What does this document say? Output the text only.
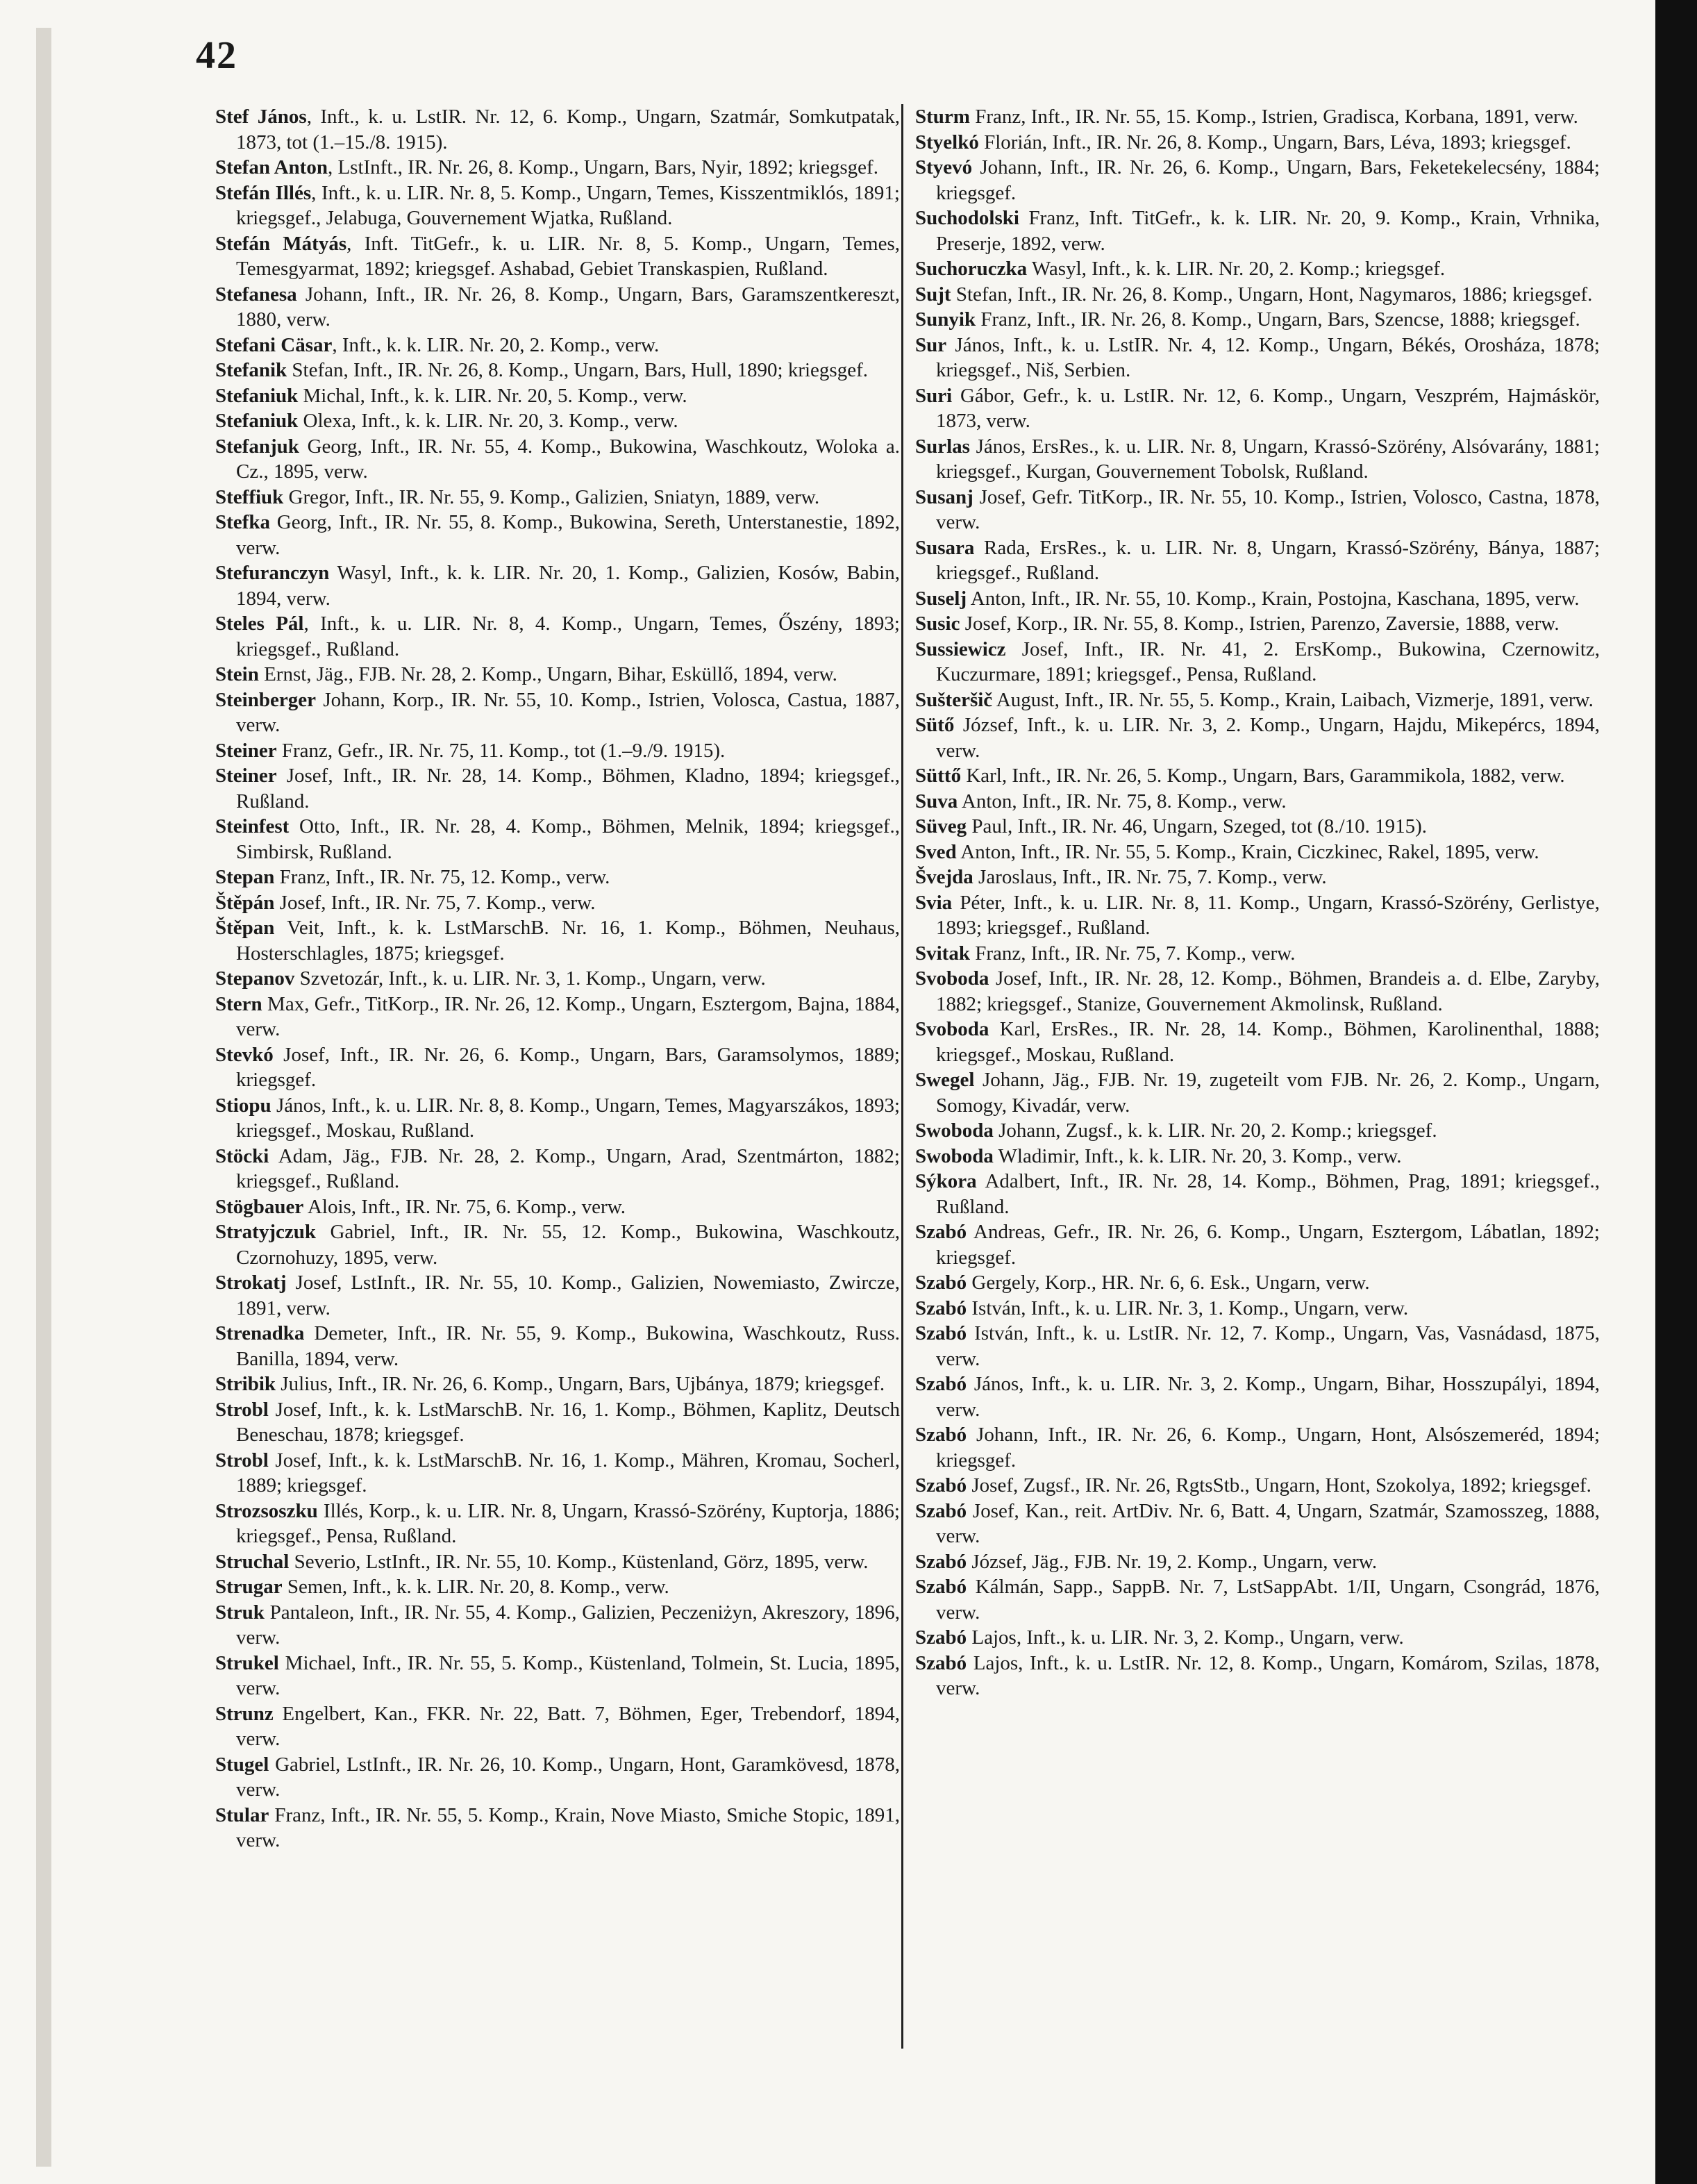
42

Stef János, Inft., k. u. LstIR. Nr. 12, 6. Komp., Ungarn, Szatmár, Somkutpatak, 1873, tot (1.–15./8. 1915).

Stefan Anton, LstInft., IR. Nr. 26, 8. Komp., Ungarn, Bars, Nyir, 1892; kriegsgef.

Stefán Illés, Inft., k. u. LIR. Nr. 8, 5. Komp., Ungarn, Temes, Kisszentmiklós, 1891; kriegsgef., Jelabuga, Gouvernement Wjatka, Rußland.

Stefán Mátyás, Inft. TitGefr., k. u. LIR. Nr. 8, 5. Komp., Ungarn, Temes, Temesgyarmat, 1892; kriegsgef. Ashabad, Gebiet Transkaspien, Rußland.

Stefanesa Johann, Inft., IR. Nr. 26, 8. Komp., Ungarn, Bars, Garamszentkereszt, 1880, verw.

Stefani Cäsar, Inft., k. k. LIR. Nr. 20, 2. Komp., verw.

Stefanik Stefan, Inft., IR. Nr. 26, 8. Komp., Ungarn, Bars, Hull, 1890; kriegsgef.

Stefaniuk Michal, Inft., k. k. LIR. Nr. 20, 5. Komp., verw.

Stefaniuk Olexa, Inft., k. k. LIR. Nr. 20, 3. Komp., verw.

Stefanjuk Georg, Inft., IR. Nr. 55, 4. Komp., Bukowina, Waschkoutz, Woloka a. Cz., 1895, verw.

Steffiuk Gregor, Inft., IR. Nr. 55, 9. Komp., Galizien, Sniatyn, 1889, verw.

Stefka Georg, Inft., IR. Nr. 55, 8. Komp., Bukowina, Sereth, Unterstanestie, 1892, verw.

Stefuranczyn Wasyl, Inft., k. k. LIR. Nr. 20, 1. Komp., Galizien, Kosów, Babin, 1894, verw.

Steles Pál, Inft., k. u. LIR. Nr. 8, 4. Komp., Ungarn, Temes, Őszény, 1893; kriegsgef., Rußland.

Stein Ernst, Jäg., FJB. Nr. 28, 2. Komp., Ungarn, Bihar, Esküllő, 1894, verw.

Steinberger Johann, Korp., IR. Nr. 55, 10. Komp., Istrien, Volosca, Castua, 1887, verw.

Steiner Franz, Gefr., IR. Nr. 75, 11. Komp., tot (1.–9./9. 1915).

Steiner Josef, Inft., IR. Nr. 28, 14. Komp., Böhmen, Kladno, 1894; kriegsgef., Rußland.

Steinfest Otto, Inft., IR. Nr. 28, 4. Komp., Böhmen, Melnik, 1894; kriegsgef., Simbirsk, Rußland.

Stepan Franz, Inft., IR. Nr. 75, 12. Komp., verw.

Štěpán Josef, Inft., IR. Nr. 75, 7. Komp., verw.

Štěpan Veit, Inft., k. k. LstMarschB. Nr. 16, 1. Komp., Böhmen, Neuhaus, Hosterschlagles, 1875; kriegsgef.

Stepanov Szvetozár, Inft., k. u. LIR. Nr. 3, 1. Komp., Ungarn, verw.

Stern Max, Gefr., TitKorp., IR. Nr. 26, 12. Komp., Ungarn, Esztergom, Bajna, 1884, verw.

Stevkó Josef, Inft., IR. Nr. 26, 6. Komp., Ungarn, Bars, Garamsolymos, 1889; kriegsgef.

Stiopu János, Inft., k. u. LIR. Nr. 8, 8. Komp., Ungarn, Temes, Magyarszákos, 1893; kriegsgef., Moskau, Rußland.

Stöcki Adam, Jäg., FJB. Nr. 28, 2. Komp., Ungarn, Arad, Szentmárton, 1882; kriegsgef., Rußland.

Stögbauer Alois, Inft., IR. Nr. 75, 6. Komp., verw.

Stratyjczuk Gabriel, Inft., IR. Nr. 55, 12. Komp., Bukowina, Waschkoutz, Czornohuzy, 1895, verw.

Strokatj Josef, LstInft., IR. Nr. 55, 10. Komp., Galizien, Nowemiasto, Zwircze, 1891, verw.

Strenadka Demeter, Inft., IR. Nr. 55, 9. Komp., Bukowina, Waschkoutz, Russ. Banilla, 1894, verw.

Stribik Julius, Inft., IR. Nr. 26, 6. Komp., Ungarn, Bars, Ujbánya, 1879; kriegsgef.

Strobl Josef, Inft., k. k. LstMarschB. Nr. 16, 1. Komp., Böhmen, Kaplitz, Deutsch Beneschau, 1878; kriegsgef.

Strobl Josef, Inft., k. k. LstMarschB. Nr. 16, 1. Komp., Mähren, Kromau, Socherl, 1889; kriegsgef.

Strozsoszku Illés, Korp., k. u. LIR. Nr. 8, Ungarn, Krassó-Szörény, Kuptorja, 1886; kriegsgef., Pensa, Rußland.

Struchal Severio, LstInft., IR. Nr. 55, 10. Komp., Küstenland, Görz, 1895, verw.

Strugar Semen, Inft., k. k. LIR. Nr. 20, 8. Komp., verw.

Struk Pantaleon, Inft., IR. Nr. 55, 4. Komp., Galizien, Peczeniżyn, Akreszory, 1896, verw.

Strukel Michael, Inft., IR. Nr. 55, 5. Komp., Küstenland, Tolmein, St. Lucia, 1895, verw.

Strunz Engelbert, Kan., FKR. Nr. 22, Batt. 7, Böhmen, Eger, Trebendorf, 1894, verw.

Stugel Gabriel, LstInft., IR. Nr. 26, 10. Komp., Ungarn, Hont, Garamkövesd, 1878, verw.

Stular Franz, Inft., IR. Nr. 55, 5. Komp., Krain, Nove Miasto, Smiche Stopic, 1891, verw.

Sturm Franz, Inft., IR. Nr. 55, 15. Komp., Istrien, Gradisca, Korbana, 1891, verw.

Styelkó Florián, Inft., IR. Nr. 26, 8. Komp., Ungarn, Bars, Léva, 1893; kriegsgef.

Styevó Johann, Inft., IR. Nr. 26, 6. Komp., Ungarn, Bars, Feketekelecsény, 1884; kriegsgef.

Suchodolski Franz, Inft. TitGefr., k. k. LIR. Nr. 20, 9. Komp., Krain, Vrhnika, Preserje, 1892, verw.

Suchoruczka Wasyl, Inft., k. k. LIR. Nr. 20, 2. Komp.; kriegsgef.

Sujt Stefan, Inft., IR. Nr. 26, 8. Komp., Ungarn, Hont, Nagymaros, 1886; kriegsgef.

Sunyik Franz, Inft., IR. Nr. 26, 8. Komp., Ungarn, Bars, Szencse, 1888; kriegsgef.

Sur János, Inft., k. u. LstIR. Nr. 4, 12. Komp., Ungarn, Békés, Orosháza, 1878; kriegsgef., Niš, Serbien.

Suri Gábor, Gefr., k. u. LstIR. Nr. 12, 6. Komp., Ungarn, Veszprém, Hajmáskör, 1873, verw.

Surlas János, ErsRes., k. u. LIR. Nr. 8, Ungarn, Krassó-Szörény, Alsóvarány, 1881; kriegsgef., Kurgan, Gouvernement Tobolsk, Rußland.

Susanj Josef, Gefr. TitKorp., IR. Nr. 55, 10. Komp., Istrien, Volosco, Castna, 1878, verw.

Susara Rada, ErsRes., k. u. LIR. Nr. 8, Ungarn, Krassó-Szörény, Bánya, 1887; kriegsgef., Rußland.

Suselj Anton, Inft., IR. Nr. 55, 10. Komp., Krain, Postojna, Kaschana, 1895, verw.

Susic Josef, Korp., IR. Nr. 55, 8. Komp., Istrien, Parenzo, Zaversie, 1888, verw.

Sussiewicz Josef, Inft., IR. Nr. 41, 2. ErsKomp., Bukowina, Czernowitz, Kuczurmare, 1891; kriegsgef., Pensa, Rußland.

Sušteršič August, Inft., IR. Nr. 55, 5. Komp., Krain, Laibach, Vizmerje, 1891, verw.

Sütő József, Inft., k. u. LIR. Nr. 3, 2. Komp., Ungarn, Hajdu, Mikepércs, 1894, verw.

Süttő Karl, Inft., IR. Nr. 26, 5. Komp., Ungarn, Bars, Garammikola, 1882, verw.

Suva Anton, Inft., IR. Nr. 75, 8. Komp., verw.

Süveg Paul, Inft., IR. Nr. 46, Ungarn, Szeged, tot (8./10. 1915).

Sved Anton, Inft., IR. Nr. 55, 5. Komp., Krain, Ciczkinec, Rakel, 1895, verw.

Švejda Jaroslaus, Inft., IR. Nr. 75, 7. Komp., verw.

Svia Péter, Inft., k. u. LIR. Nr. 8, 11. Komp., Ungarn, Krassó-Szörény, Gerlistye, 1893; kriegsgef., Rußland.

Svitak Franz, Inft., IR. Nr. 75, 7. Komp., verw.

Svoboda Josef, Inft., IR. Nr. 28, 12. Komp., Böhmen, Brandeis a. d. Elbe, Zaryby, 1882; kriegsgef., Stanize, Gouvernement Akmolinsk, Rußland.

Svoboda Karl, ErsRes., IR. Nr. 28, 14. Komp., Böhmen, Karolinenthal, 1888; kriegsgef., Moskau, Rußland.

Swegel Johann, Jäg., FJB. Nr. 19, zugeteilt vom FJB. Nr. 26, 2. Komp., Ungarn, Somogy, Kivadár, verw.

Swoboda Johann, Zugsf., k. k. LIR. Nr. 20, 2. Komp.; kriegsgef.

Swoboda Wladimir, Inft., k. k. LIR. Nr. 20, 3. Komp., verw.

Sýkora Adalbert, Inft., IR. Nr. 28, 14. Komp., Böhmen, Prag, 1891; kriegsgef., Rußland.

Szabó Andreas, Gefr., IR. Nr. 26, 6. Komp., Ungarn, Esztergom, Lábatlan, 1892; kriegsgef.

Szabó Gergely, Korp., HR. Nr. 6, 6. Esk., Ungarn, verw.

Szabó István, Inft., k. u. LIR. Nr. 3, 1. Komp., Ungarn, verw.

Szabó István, Inft., k. u. LstIR. Nr. 12, 7. Komp., Ungarn, Vas, Vasnádasd, 1875, verw.

Szabó János, Inft., k. u. LIR. Nr. 3, 2. Komp., Ungarn, Bihar, Hosszupályi, 1894, verw.

Szabó Johann, Inft., IR. Nr. 26, 6. Komp., Ungarn, Hont, Alsószemeréd, 1894; kriegsgef.

Szabó Josef, Zugsf., IR. Nr. 26, RgtsStb., Ungarn, Hont, Szokolya, 1892; kriegsgef.

Szabó Josef, Kan., reit. ArtDiv. Nr. 6, Batt. 4, Ungarn, Szatmár, Szamosszeg, 1888, verw.

Szabó József, Jäg., FJB. Nr. 19, 2. Komp., Ungarn, verw.

Szabó Kálmán, Sapp., SappB. Nr. 7, LstSappAbt. 1/II, Ungarn, Csongrád, 1876, verw.

Szabó Lajos, Inft., k. u. LIR. Nr. 3, 2. Komp., Ungarn, verw.

Szabó Lajos, Inft., k. u. LstIR. Nr. 12, 8. Komp., Ungarn, Komárom, Szilas, 1878, verw.
